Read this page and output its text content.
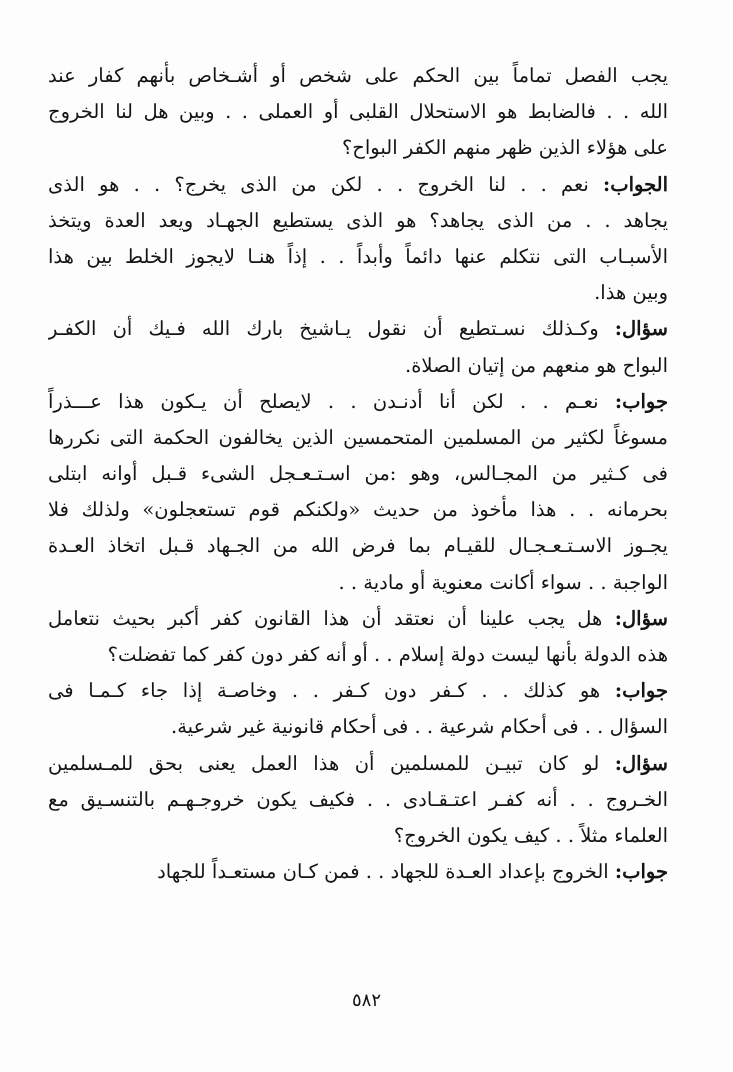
يجب الفصل تماماً بين الحكم على شخص أو أشـخاص بأنهم كفار عند
الله . . فالضابط هو الاستحلال القلبى أو العملى . . وبين هل لنا الخروج
على هؤلاء الذين ظهر منهم الكفر البواح؟
الجواب: نعم . . لنا الخروج . . لكن من الذى يخرج؟ . . هو الذى
يجاهد . . من الذى يجاهد؟ هو الذى يستطيع الجهـاد ويعد العدة ويتخذ
الأسبـاب التى نتكلم عنها دائماً وأبداً . . إذاً هنـا لايجوز الخلط بين هذا
وبين هذا.
سؤال: وكـذلك نسـتطيع أن نقول يـاشيخ بارك الله فـيك أن الكفـر
البواح هو منعهم من إتيان الصلاة.
جواب: نعـم . . لكن أنا أدنـدن . . لايصلح أن يـكون هذا عـــذراً
مسوغاً لكثير من المسلمين المتحمسين الذين يخالفون الحكمة التى نكررها
فى كـثير من المجـالس، وهو :من اسـتـعـجل الشىء قـبل أوانه ابتلى
بحرمانه . . هذا مأخوذ من حديث «ولكنكم قوم تستعجلون» ولذلك فلا
يجـوز الاسـتـعـجـال للقيـام بما فرض الله من الجـهاد قـبل اتخاذ العـدة
الواجبة . . سواء أكانت معنوية أو مادية . .
سؤال: هل يجب علينا أن نعتقد أن هذا القانون كفر أكبر بحيث نتعامل
هذه الدولة بأنها ليست دولة إسلام . . أو أنه كفر دون كفر كما تفضلت؟
جواب: هو كذلك . . كـفر دون كـفر . . وخاصـة إذا جاء كـمـا فى
السؤال . . فى أحكام شرعية . . فى أحكام قانونية غير شرعية.
سؤال: لو كان تبيـن للمسلمين أن هذا العمل يعنى بحق للمـسلمين
الخـروج . . أنه كفـر اعتـقـادى . . فكيف يكون خروجـهـم بالتنسـيق مع
العلماء مثلاً . . كيف يكون الخروج؟
جواب: الخروج بإعداد العـدة للجهاد . . فمن كـان مستعـداً للجهاد
٥٨٢
